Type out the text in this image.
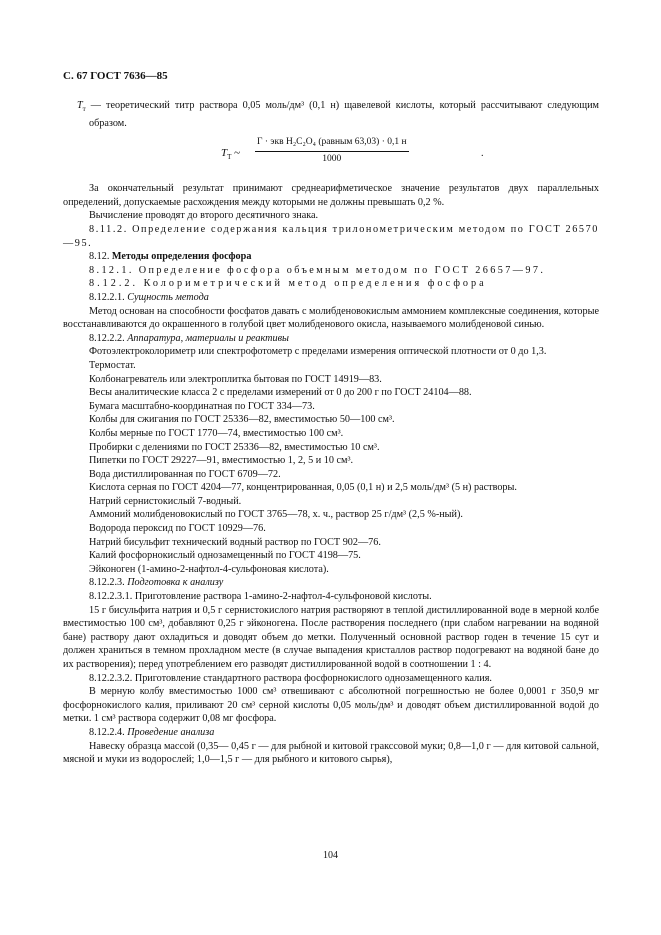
С. 67 ГОСТ 7636—85

$Т_т$ — теоретический титр раствора 0,05 моль/дм³ (0,1 н) щавелевой кислоты, который рассчитывают следующим образом.

$Т_Т$ ~
Г · экв H₂C₂O₄ (равным 63,03) · 0,1 н
1000	.

За окончательный результат принимают среднеарифметическое значение результатов двух параллельных определений, допускаемые расхождения между которыми не должны превышать 0,2 %.

Вычисление проводят до второго десятичного знака.

8.11.2. Определение содержания кальция трилонометрическим методом по ГОСТ 26570—95.

8.12. Методы определения фосфора

8.12.1. Определение фосфора объемным методом по ГОСТ 26657—97.

8.12.2. Колориметрический метод определения фосфора

8.12.2.1. Сущность метода

Метод основан на способности фосфатов давать с молибденовокислым аммонием комплексные соединения, которые восстанавливаются до окрашенного в голубой цвет молибденового окисла, называемого молибденовой синью.

8.12.2.2. Аппаратура, материалы и реактивы

Фотоэлектроколориметр или спектрофотометр с пределами измерения оптической плотности от 0 до 1,3.

Термостат.

Колбонагреватель или электроплитка бытовая по ГОСТ 14919—83.

Весы аналитические класса 2 с пределами измерений от 0 до 200 г по ГОСТ 24104—88.

Бумага масштабно-координатная по ГОСТ 334—73.

Колбы для сжигания по ГОСТ 25336—82, вместимостью 50—100 см³.

Колбы мерные по ГОСТ 1770—74, вместимостью 100 см³.

Пробирки с делениями по ГОСТ 25336—82, вместимостью 10 см³.

Пипетки по ГОСТ 29227—91, вместимостью 1, 2, 5 и 10 см³.

Вода дистиллированная по ГОСТ 6709—72.

Кислота серная по ГОСТ 4204—77, концентрированная, 0,05 (0,1 н) и 2,5 моль/дм³ (5 н) растворы.

Натрий сернистокислый 7-водный.

Аммоний молибденовокислый по ГОСТ 3765—78, х. ч., раствор 25 г/дм³ (2,5 %-ный).

Водорода пероксид по ГОСТ 10929—76.

Натрий бисульфит технический водный раствор по ГОСТ 902—76.

Калий фосфорнокислый однозамещенный по ГОСТ 4198—75.

Эйконоген (1-амино-2-нафтол-4-сульфоновая кислота).

8.12.2.3. Подготовка к анализу

8.12.2.3.1. Приготовление раствора 1-амино-2-нафтол-4-сульфоновой кислоты.

15 г бисульфита натрия и 0,5 г сернистокислого натрия растворяют в теплой дистиллированной воде в мерной колбе вместимостью 100 см³, добавляют 0,25 г эйконогена. После растворения последнего (при слабом нагревании на водяной бане) раствору дают охладиться и доводят объем до метки. Полученный основной раствор годен в течение 15 сут и должен храниться в темном прохладном месте (в случае выпадения кристаллов раствор подогревают на водяной бане до их растворения); перед употреблением его разводят дистиллированной водой в соотношении 1 : 4.

8.12.2.3.2. Приготовление стандартного раствора фосфорнокислого однозамещенного калия.

В мерную колбу вместимостью 1000 см³ отвешивают с абсолютной погрешностью не более 0,0001 г 350,9 мг фосфорнокислого калия, приливают 20 см³ серной кислоты 0,05 моль/дм³ и доводят объем дистиллированной водой до метки. 1 см³ раствора содержит 0,08 мг фосфора.

8.12.2.4. Проведение анализа

Навеску образца массой (0,35— 0,45 г — для рыбной и китовой гракссовой муки; 0,8—1,0 г — для китовой сальной, мясной и муки из водорослей; 1,0—1,5 г — для рыбного и китового сырья),

104
